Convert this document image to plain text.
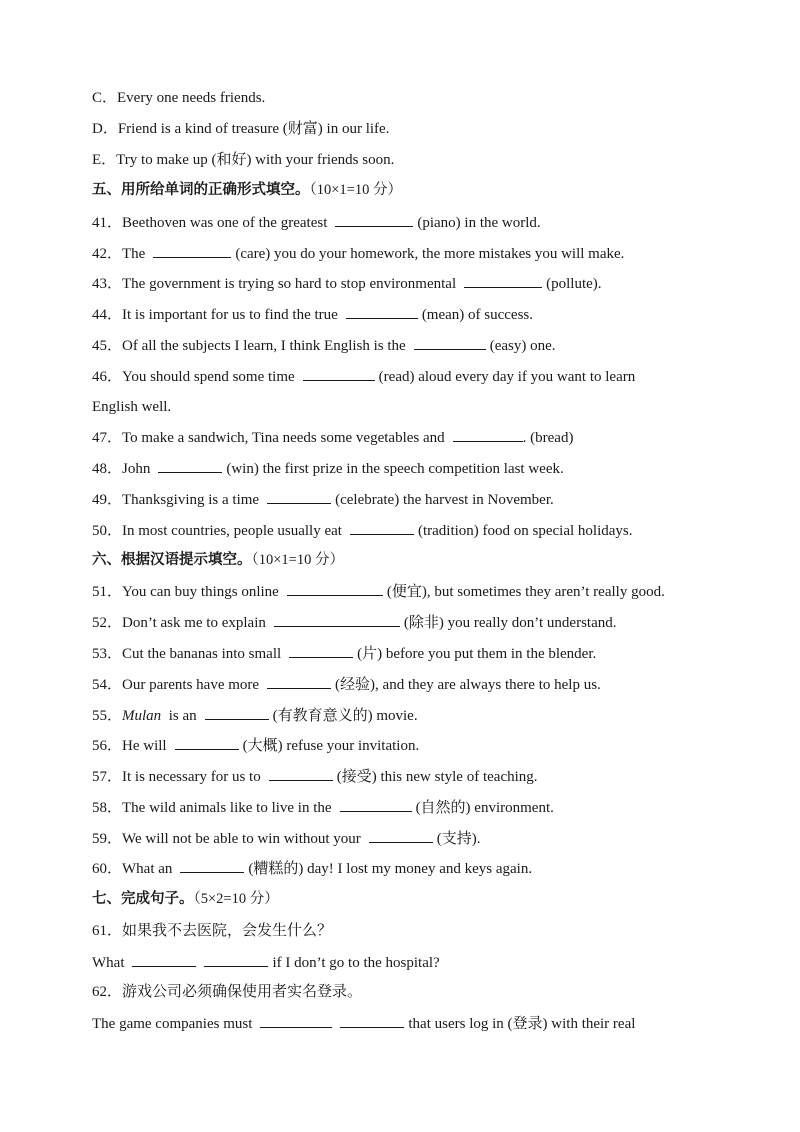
C．Every one needs friends.
D．Friend is a kind of treasure (财富) in our life.
E．Try to make up (和好) with your friends soon.
五、用所给单词的正确形式填空。（10×1=10 分）
41．Beethoven was one of the greatest	(piano) in the world.
42．The	(care) you do your homework, the more mistakes you will make.
43．The government is trying so hard to stop environmental	(pollute).
44．It is important for us to find the true	(mean) of success.
45．Of all the subjects I learn, I think English is the	(easy) one.
46．You should spend some time	(read) aloud every day if you want to learn
English well.
47．To make a sandwich, Tina needs some vegetables and	. (bread)
48．John	(win) the first prize in the speech competition last week.
49．Thanksgiving is a time	(celebrate) the harvest in November.
50．In most countries, people usually eat	(tradition) food on special holidays.
六、根据汉语提示填空。（10×1=10 分）
51．You can buy things online	(便宜), but sometimes they aren’t really good.
52．Don’t ask me to explain	(除非) you really don’t understand.
53．Cut the bananas into small	(片) before you put them in the blender.
54．Our parents have more	(经验), and they are always there to help us.
55．Mulan is an	(有教育意义的) movie.
56．He will	(大概) refuse your invitation.
57．It is necessary for us to	(接受) this new style of teaching.
58．The wild animals like to live in the	(自然的) environment.
59．We will not be able to win without your	(支持).
60．What an	(糟糕的) day! I lost my money and keys again.
七、完成句子。（5×2=10 分）
61．如果我不去医院，会发生什么？
What	if I don’t go to the hospital?
62．游戏公司必须确保使用者实名登录。
The game companies must	that users log in (登录) with their real
